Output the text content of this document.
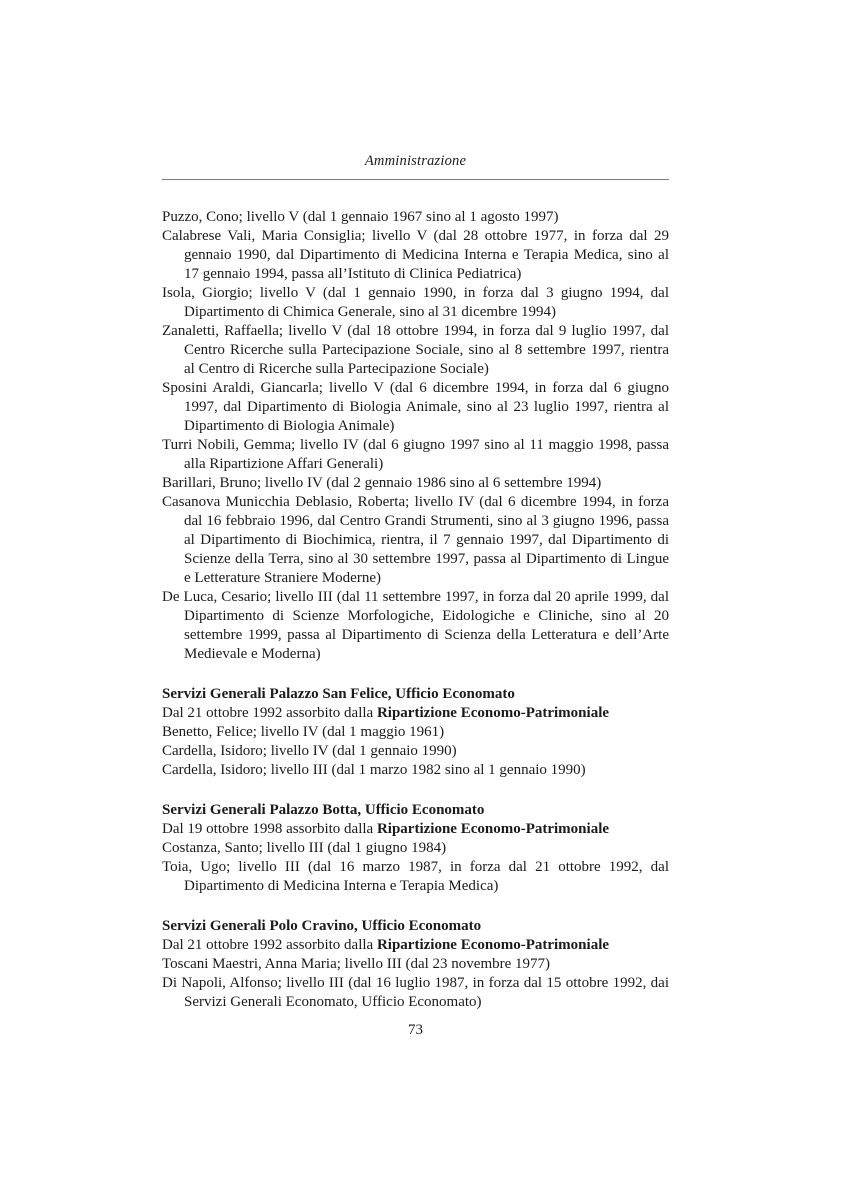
Amministrazione

Puzzo, Cono; livello V (dal 1 gennaio 1967 sino al 1 agosto 1997)

Calabrese Vali, Maria Consiglia; livello V (dal 28 ottobre 1977, in forza dal 29 gennaio 1990, dal Dipartimento di Medicina Interna e Terapia Medica, sino al 17 gennaio 1994, passa all’Istituto di Clinica Pediatrica)

Isola, Giorgio; livello V (dal 1 gennaio 1990, in forza dal 3 giugno 1994, dal Dipartimento di Chimica Generale, sino al 31 dicembre 1994)

Zanaletti, Raffaella; livello V (dal 18 ottobre 1994, in forza dal 9 luglio 1997, dal Centro Ricerche sulla Partecipazione Sociale, sino al 8 settembre 1997, rientra al Centro di Ricerche sulla Partecipazione Sociale)

Sposini Araldi, Giancarla; livello V (dal 6 dicembre 1994, in forza dal 6 giugno 1997, dal Dipartimento di Biologia Animale, sino al 23 luglio 1997, rientra al Dipartimento di Biologia Animale)

Turri Nobili, Gemma; livello IV (dal 6 giugno 1997 sino al 11 maggio 1998, passa alla Ripartizione Affari Generali)

Barillari, Bruno; livello IV (dal 2 gennaio 1986 sino al 6 settembre 1994)

Casanova Municchia Deblasio, Roberta; livello IV (dal 6 dicembre 1994, in forza dal 16 febbraio 1996, dal Centro Grandi Strumenti, sino al 3 giugno 1996, passa al Dipartimento di Biochimica, rientra, il 7 gennaio 1997, dal Dipartimento di Scienze della Terra, sino al 30 settembre 1997, passa al Dipartimento di Lingue e Letterature Straniere Moderne)

De Luca, Cesario; livello III (dal 11 settembre 1997, in forza dal 20 aprile 1999, dal Dipartimento di Scienze Morfologiche, Eidologiche e Cliniche, sino al 20 settembre 1999, passa al Dipartimento di Scienza della Letteratura e dell’Arte Medievale e Moderna)

Servizi Generali Palazzo San Felice, Ufficio Economato

Dal 21 ottobre 1992 assorbito dalla Ripartizione Economo-Patrimoniale

Benetto, Felice; livello IV (dal 1 maggio 1961)

Cardella, Isidoro; livello IV (dal 1 gennaio 1990)

Cardella, Isidoro; livello III (dal 1 marzo 1982 sino al 1 gennaio 1990)

Servizi Generali Palazzo Botta, Ufficio Economato

Dal 19 ottobre 1998 assorbito dalla Ripartizione Economo-Patrimoniale

Costanza, Santo; livello III (dal 1 giugno 1984)

Toia, Ugo; livello III (dal 16 marzo 1987, in forza dal 21 ottobre 1992, dal Dipartimento di Medicina Interna e Terapia Medica)

Servizi Generali Polo Cravino, Ufficio Economato

Dal 21 ottobre 1992 assorbito dalla Ripartizione Economo-Patrimoniale

Toscani Maestri, Anna Maria; livello III (dal 23 novembre 1977)

Di Napoli, Alfonso; livello III (dal 16 luglio 1987, in forza dal 15 ottobre 1992, dai Servizi Generali Economato, Ufficio Economato)

73
